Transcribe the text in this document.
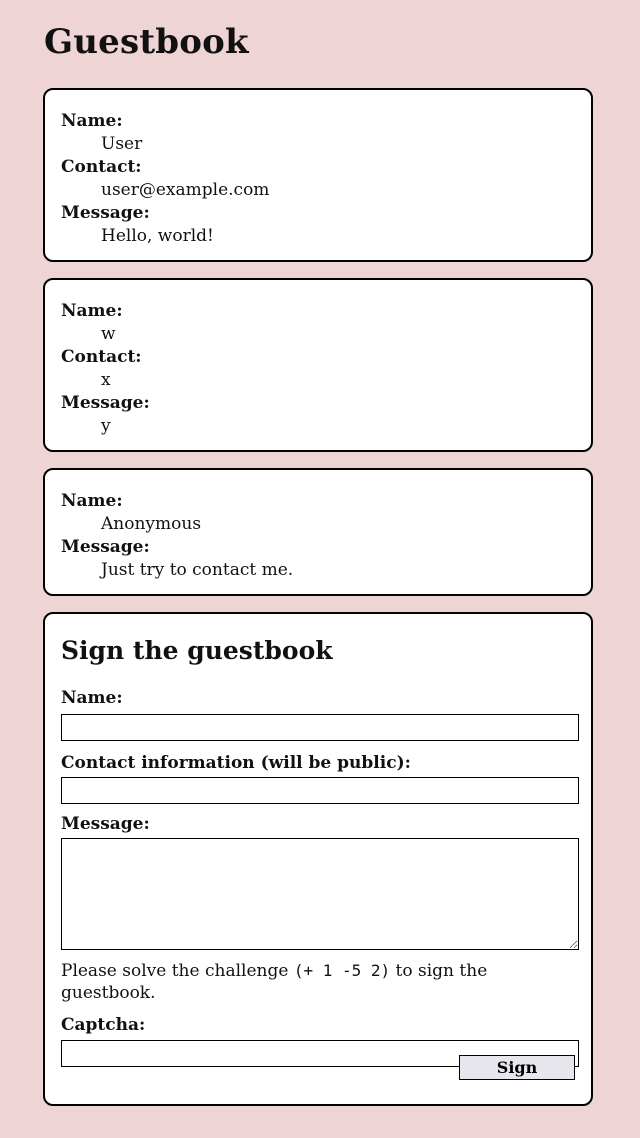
Guestbook
Name:
User
Contact:
user@example.com
Message:
Hello, world!
Name:
w
Contact:
x
Message:
y
Name:
Anonymous
Message:
Just try to contact me.
Sign the guestbook
Name:
Contact information (will be public):
Message:

Please solve the challenge (+ 1 -5 2) to sign the guestbook.

Captcha:
Sign
